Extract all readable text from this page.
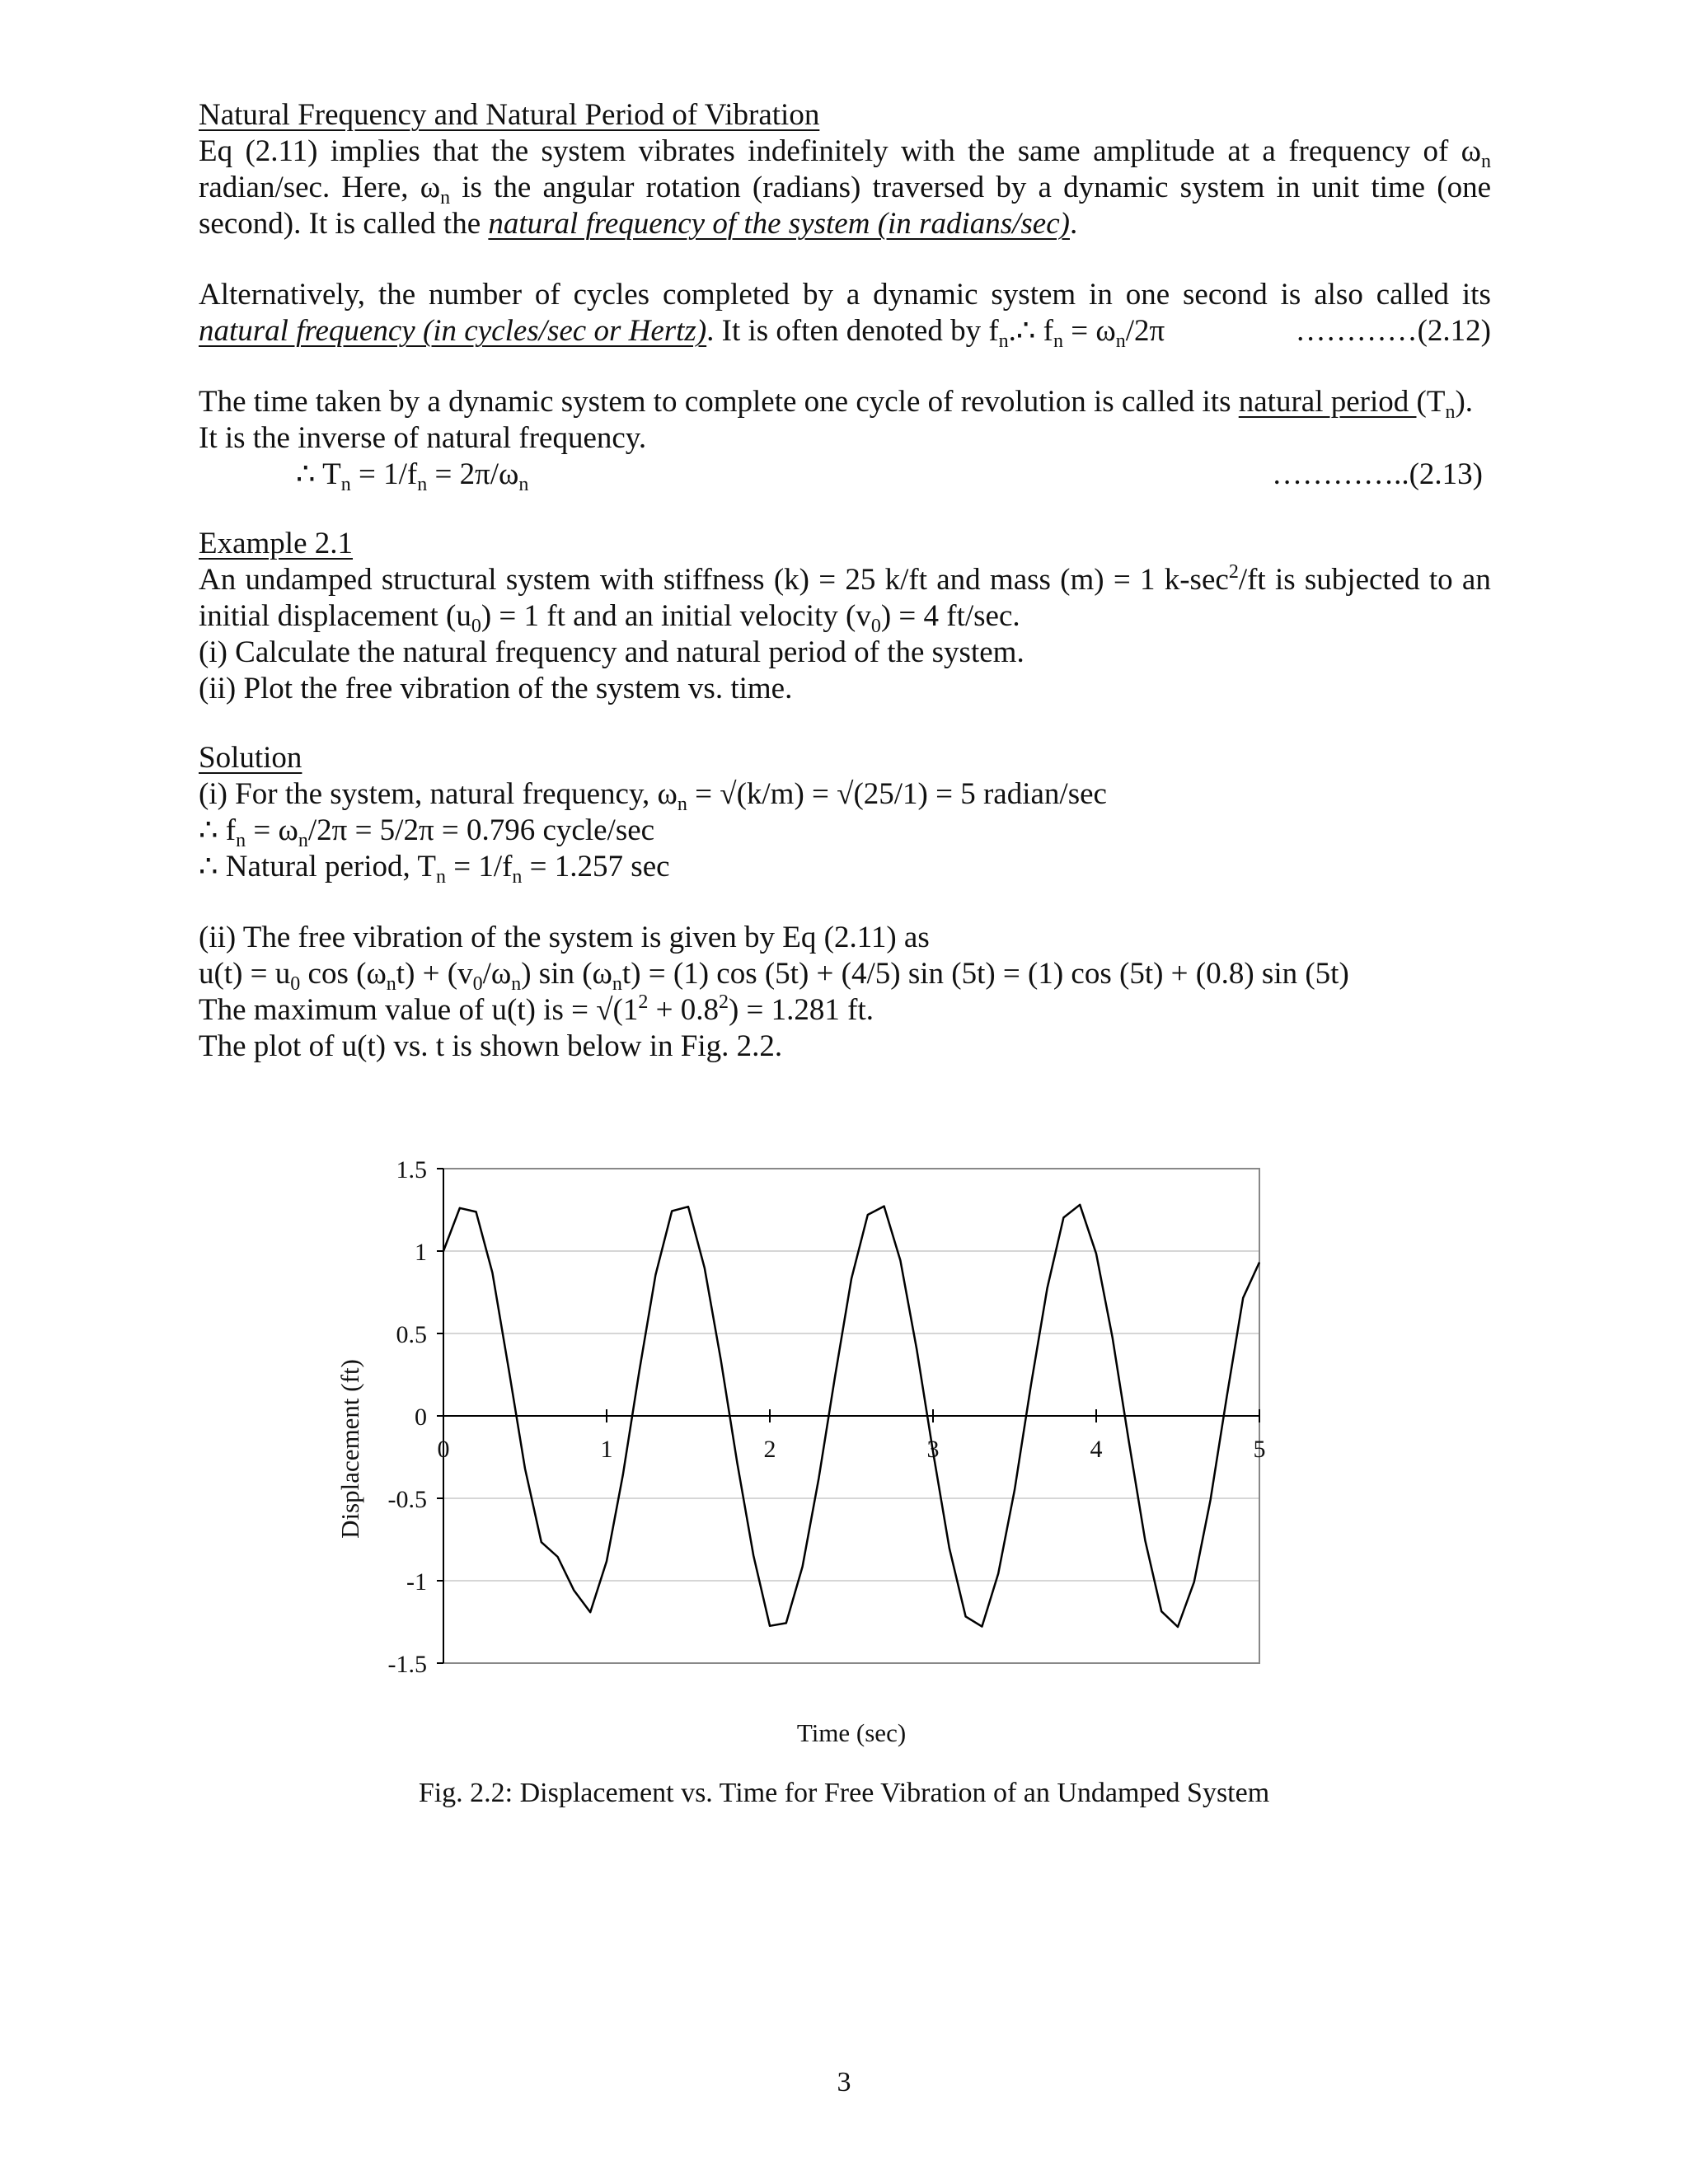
Natural Frequency and Natural Period of Vibration
Eq (2.11) implies that the system vibrates indefinitely with the same amplitude at a frequency of $\omega_n$
radian/sec. Here, $\omega_n$ is the angular rotation (radians) traversed by a dynamic system in unit time (one
second). It is called the natural frequency of the system (in radians/sec).
Alternatively, the number of cycles completed by a dynamic system in one second is also called its
natural frequency (in cycles/sec or Hertz). It is often denoted by $f_n.\therefore$ $f_n = \omega_n/2\pi$	…………(2.12)
The time taken by a dynamic system to complete one cycle of revolution is called its natural period $(T_n)$.
It is the inverse of natural frequency.
∴ $T_n = 1/f_n = 2\pi/\omega_n$	…………..(2.13)
Example 2.1
An undamped structural system with stiffness (k) = 25 k/ft and mass (m) = 1 $k-\sec^2/ft$ is subjected to an
initial displacement $(u_0) = 1$ ft and an initial velocity $(v_0) = 4$ ft/sec.
(i) Calculate the natural frequency and natural period of the system.
(ii) Plot the free vibration of the system vs. time.
Solution
(i) For the system, natural frequency, $\omega_n = √(k/m) = √(25/1) = 5$ radian/sec
∴ $f_n = \omega_n/2\pi = 5/2\pi = 0.796$ cycle/sec
∴ Natural period, $T_n = 1/f_n = 1.257$ sec
(ii) The free vibration of the system is given by Eq (2.11) as
$u(t) = u_0$ $\cos (\omega_nt) + (v_0/\omega_n)$ $\sin (\omega_nt) = (1)$ cos (5t) + (4/5) sin (5t) = (1) cos (5t) + (0.8) sin (5t)
The maximum value of u(t) is = $√(1^2 + 0.8^2) = 1.281$ ft.
The plot of u(t) vs. t is shown below in Fig. 2.2.
1.5
1
0.5
0
-0.5
-1
-1.5
0	1	2	3	4	5
Time (sec)
Displacement (ft)
Fig. 2.2: Displacement vs. Time for Free Vibration of an Undamped System
3
